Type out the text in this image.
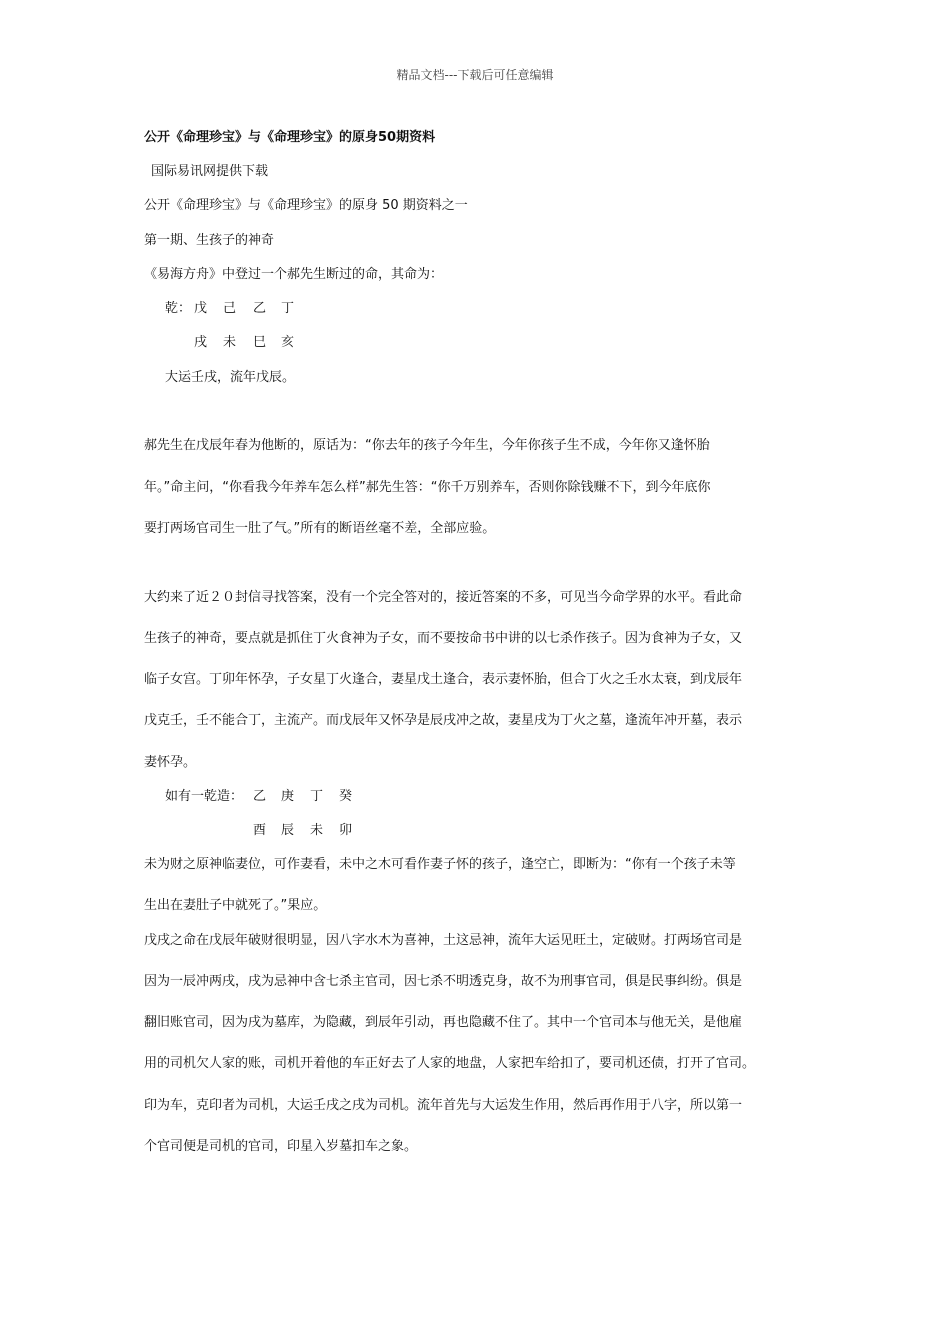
精品文档---下载后可任意编辑
公开《命理珍宝》与《命理珍宝》的原身50期资料
国际易讯网提供下载
公开《命理珍宝》与《命理珍宝》的原身 50 期资料之一
第一期、生孩子的神奇
《易海方舟》中登过一个郝先生断过的命，其命为：
乾： 戊 己 乙 丁
戌 未 巳 亥
大运壬戌，流年戊辰。
郝先生在戊辰年春为他断的，原话为：“你去年的孩子今年生，今年你孩子生不成，今年你又逢怀胎
年。”命主问，“你看我今年养车怎么样”郝先生答：“你千万别养车，否则你除钱赚不下，到今年底你
要打两场官司生一肚了气。”所有的断语丝毫不差，全部应验。
大约来了近２０封信寻找答案，没有一个完全答对的，接近答案的不多，可见当今命学界的水平。看此命
生孩子的神奇，要点就是抓住丁火食神为子女，而不要按命书中讲的以七杀作孩子。因为食神为子女，又
临子女宫。丁卯年怀孕，子女星丁火逢合，妻星戊土逢合，表示妻怀胎，但合丁火之壬水太衰，到戊辰年
戊克壬，壬不能合丁，主流产。而戊辰年又怀孕是辰戌冲之故，妻星戌为丁火之墓，逢流年冲开墓，表示
妻怀孕。
如有一乾造： 乙 庚 丁 癸
酉 辰 未 卯
未为财之原神临妻位，可作妻看，未中之木可看作妻子怀的孩子，逢空亡，即断为：“你有一个孩子未等
生出在妻肚子中就死了。”果应。
戊戌之命在戊辰年破财很明显，因八字水木为喜神，土这忌神，流年大运见旺土，定破财。打两场官司是
因为一辰冲两戌，戌为忌神中含七杀主官司，因七杀不明透克身，故不为刑事官司，俱是民事纠纷。俱是
翻旧账官司，因为戌为墓库，为隐藏，到辰年引动，再也隐藏不住了。其中一个官司本与他无关，是他雇
用的司机欠人家的账，司机开着他的车正好去了人家的地盘，人家把车给扣了，要司机还债，打开了官司。
印为车，克印者为司机，大运壬戌之戌为司机。流年首先与大运发生作用，然后再作用于八字，所以第一
个官司便是司机的官司，印星入岁墓扣车之象。
